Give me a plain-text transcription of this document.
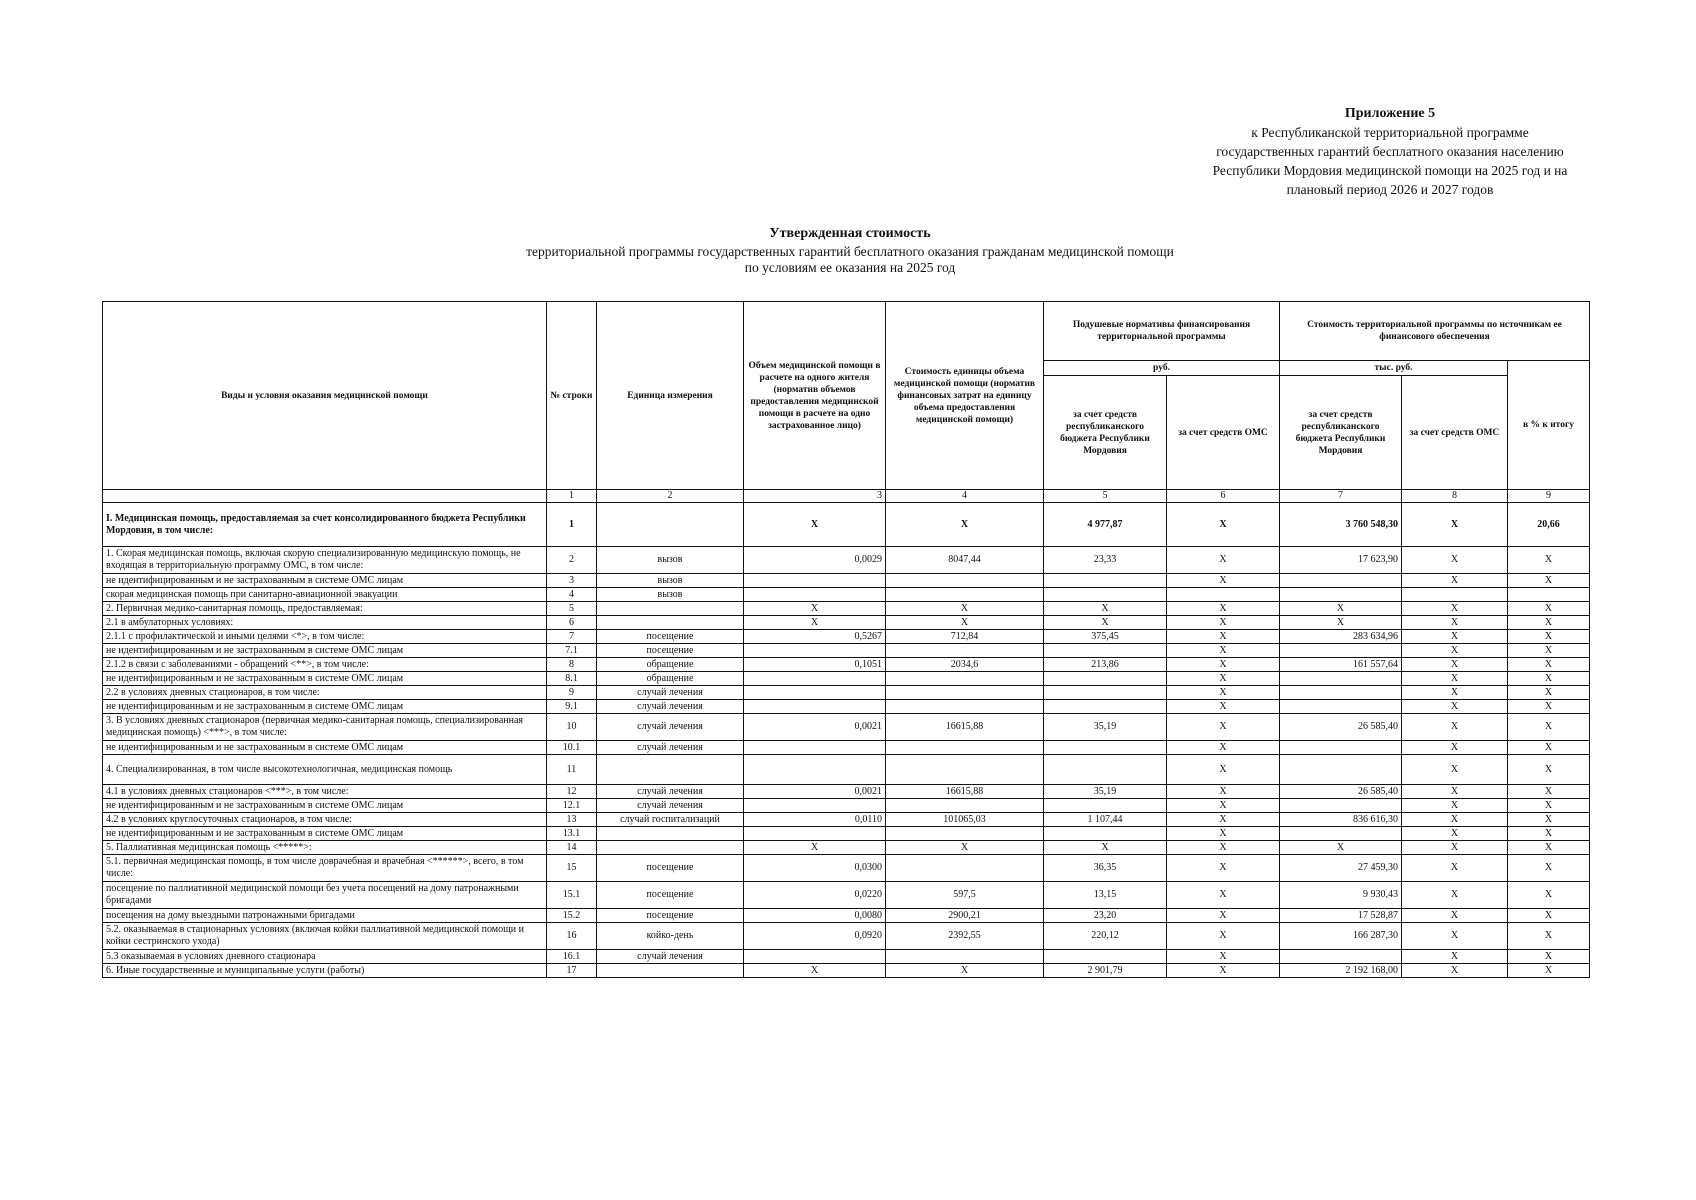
Приложение 5
к Республиканской территориальной программе
государственных гарантий бесплатного оказания населению
Республики Мордовия медицинской помощи на 2025 год и на
плановый период 2026 и 2027 годов
Утвержденная стоимость
территориальной программы государственных гарантий бесплатного оказания гражданам медицинской помощи
по условиям ее оказания на 2025 год
Виды и условия оказания медицинской помощи	№ строки	Единица измерения	Объем медицинской помощи в расчете на одного жителя (норматив объемов предоставления медицинской помощи в расчете на одно застрахованное лицо)	Стоимость единицы объема медицинской помощи (норматив финансовых затрат на единицу объема предоставления медицинской помощи)	Подушевые нормативы финансирования территориальной программы		Стоимость территориальной программы по источникам ее финансового обеспечения		
					руб.		тыс. руб.		в % к итогу
					за счет средств республиканского бюджета Республики Мордовия	за счет средств ОМС	за счет средств республиканского бюджета Республики Мордовия	за счет средств ОМС	
	1	2	3	4	5	6	7	8	9
I. Медицинская помощь, предоставляемая за счет консолидированного бюджета Республики Мордовия, в том числе:	1		X	X	4 977,87	X	3 760 548,30	X	20,66
1. Скорая медицинская помощь, включая скорую специализированную медицинскую помощь, не входящая в территориальную программу ОМС, в том числе:	2	вызов	0,0029	8047,44	23,33	X	17 623,90	X	X
не идентифицированным и не застрахованным в системе ОМС лицам	3	вызов				X		X	X
скорая медицинская помощь при санитарно-авиационной эвакуации	4	вызов							
2. Первичная медико-санитарная помощь, предоставляемая:	5		X	X	X	X	X	X	X
2.1 в амбулаторных условиях:	6		X	X	X	X	X	X	X
2.1.1 с профилактической и иными целями <*>, в том числе:	7	посещение	0,5267	712,84	375,45	X	283 634,96	X	X
не идентифицированным и не застрахованным в системе ОМС лицам	7.1	посещение				X		X	X
2.1.2 в связи с заболеваниями - обращений <**>, в том числе:	8	обращение	0,1051	2034,6	213,86	X	161 557,64	X	X
не идентифицированным и не застрахованным в системе ОМС лицам	8.1	обращение				X		X	X
2.2 в условиях дневных стационаров, в том числе:	9	случай лечения				X		X	X
не идентифицированным и не застрахованным в системе ОМС лицам	9.1	случай лечения				X		X	X
3. В условиях дневных стационаров (первичная медико-санитарная помощь, специализированная медицинская помощь) <***>, в том числе:	10	случай лечения	0,0021	16615,88	35,19	X	26 585,40	X	X
не идентифицированным и не застрахованным в системе ОМС лицам	10.1	случай лечения				X		X	X
4. Специализированная, в том числе высокотехнологичная, медицинская помощь	11					X		X	X
4.1 в условиях дневных стационаров <***>, в том числе:	12	случай лечения	0,0021	16615,88	35,19	X	26 585,40	X	X
не идентифицированным и не застрахованным в системе ОМС лицам	12.1	случай лечения				X		X	X
4.2 в условиях круглосуточных стационаров, в том числе:	13	случай госпитализаций	0,0110	101065,03	1 107,44	X	836 616,30	X	X
не идентифицированным и не застрахованным в системе ОМС лицам	13.1					X		X	X
5. Паллиативная медицинская помощь <*****>:	14		X	X	X	X	X	X	X
5.1. первичная медицинская помощь, в том числе доврачебная и врачебная <******>, всего, в том числе:	15	посещение	0,0300		36,35	X	27 459,30	X	X
посещение по паллиативной медицинской помощи без учета посещений на дому патронажными бригадами	15.1	посещение	0,0220	597,5	13,15	X	9 930,43	X	X
посещения на дому выездными патронажными бригадами	15.2	посещение	0,0080	2900,21	23,20	X	17 528,87	X	X
5.2. оказываемая в стационарных условиях (включая койки паллиативной медицинской помощи и койки сестринского ухода)	16	койко-день	0,0920	2392,55	220,12	X	166 287,30	X	X
5.3 оказываемая в условиях дневного стационара	16.1	случай лечения				X		X	X
6. Иные государственные и муниципальные услуги (работы)	17		X	X	2 901,79	X	2 192 168,00	X	X
